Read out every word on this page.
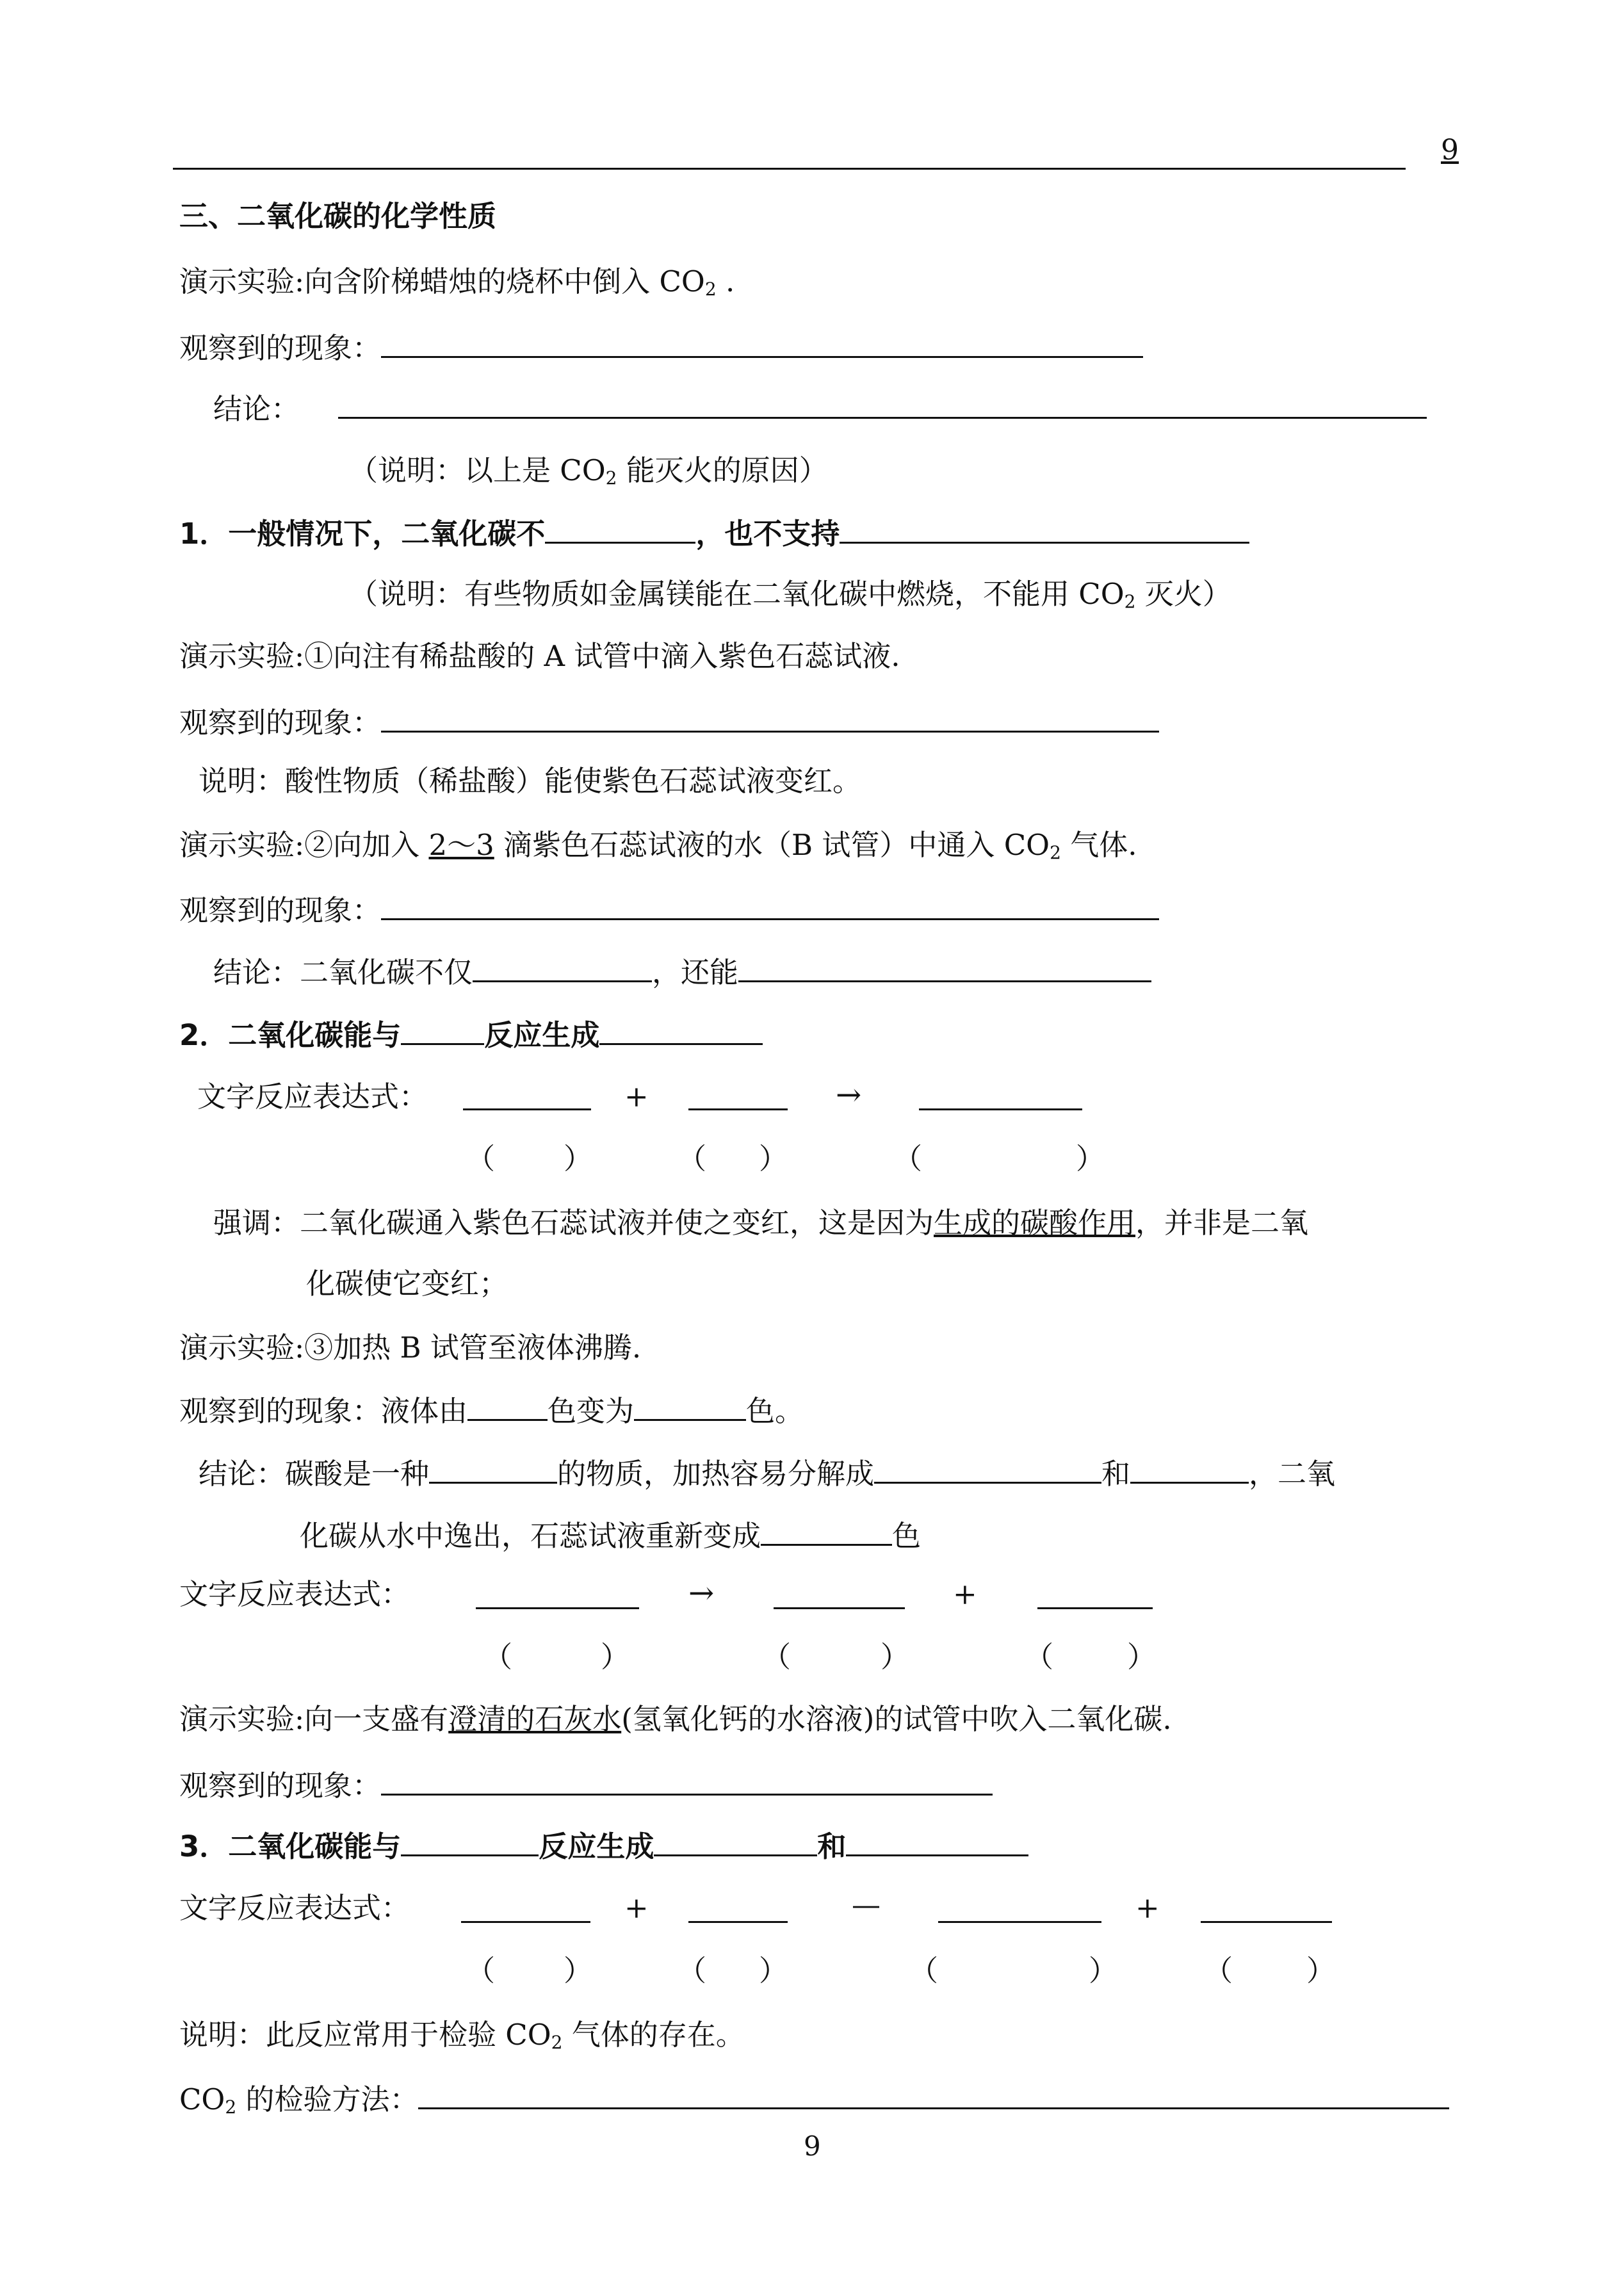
9
三、二氧化碳的化学性质
演示实验:向含阶梯蜡烛的烧杯中倒入 $CO_2$ .
观察到的现象：
结论：
（说明：以上是 $CO_2$ 能灭火的原因）
1．一般情况下，二氧化碳不	，也不支持
（说明：有些物质如金属镁能在二氧化碳中燃烧，不能用 $CO_2$ 灭火）
演示实验:①向注有稀盐酸的 A 试管中滴入紫色石蕊试液.
观察到的现象：
说明：酸性物质（稀盐酸）能使紫色石蕊试液变红。
演示实验:②向加入 2～3 滴紫色石蕊试液的水（B 试管）中通入 $CO_2$ 气体.
观察到的现象：
结论：二氧化碳不仅	，还能
2．二氧化碳能与	反应生成
文字反应表达式：	+	→
（ ）	（ ）	（	）
强调：二氧化碳通入紫色石蕊试液并使之变红，这是因为生成的碳酸作用，并非是二氧
化碳使它变红；
演示实验:③加热 B 试管至液体沸腾.
观察到的现象：液体由	色变为	色。
结论：碳酸是一种	的物质，加热容易分解成	和	，二氧
化碳从水中逸出，石蕊试液重新变成	色
文字反应表达式：	→	+
（	）	（	）	（	）
演示实验:向一支盛有澄清的石灰水(氢氧化钙的水溶液)的试管中吹入二氧化碳.
观察到的现象：
3．二氧化碳能与	反应生成	和
文字反应表达式：	+	—	+
（ ）	（ ）	（	）	（	）
说明：此反应常用于检验 $CO_2$ 气体的存在。
$CO_2$ 的检验方法：
9
